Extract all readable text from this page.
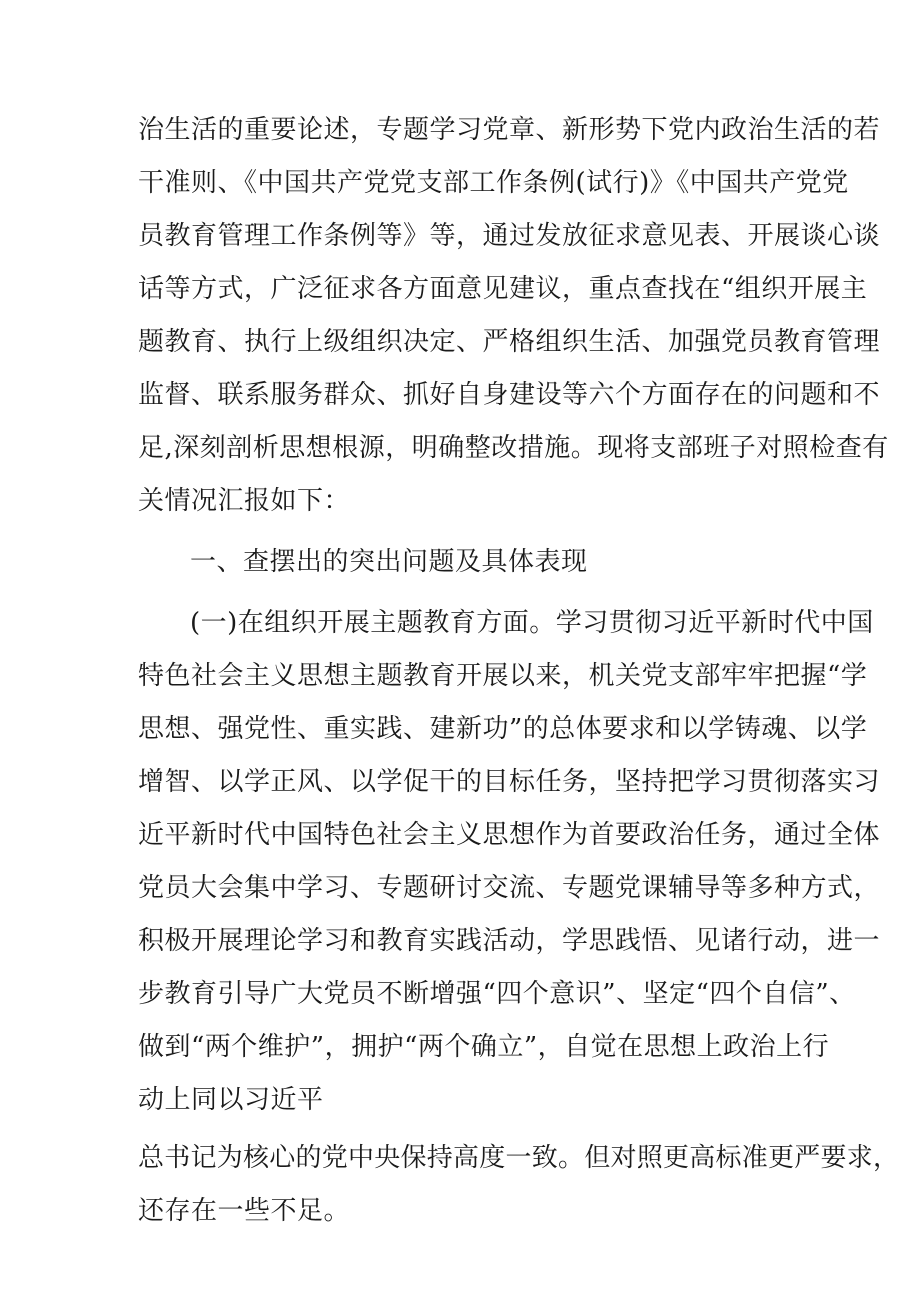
治生活的重要论述，专题学习党章、新形势下党内政治生活的若
干准则、《中国共产党党支部工作条例(试行)》《中国共产党党
员教育管理工作条例等》等，通过发放征求意见表、开展谈心谈
话等方式，广泛征求各方面意见建议，重点查找在“组织开展主
题教育、执行上级组织决定、严格组织生活、加强党员教育管理
监督、联系服务群众、抓好自身建设等六个方面存在的问题和不
足,深刻剖析思想根源，明确整改措施。现将支部班子对照检查有
关情况汇报如下：
一、查摆出的突出问题及具体表现
(一)在组织开展主题教育方面。学习贯彻习近平新时代中国
特色社会主义思想主题教育开展以来，机关党支部牢牢把握“学
思想、强党性、重实践、建新功”的总体要求和以学铸魂、以学
增智、以学正风、以学促干的目标任务，坚持把学习贯彻落实习
近平新时代中国特色社会主义思想作为首要政治任务，通过全体
党员大会集中学习、专题研讨交流、专题党课辅导等多种方式，
积极开展理论学习和教育实践活动，学思践悟、见诸行动，进一
步教育引导广大党员不断增强“四个意识”、坚定“四个自信”、
做到“两个维护”，拥护“两个确立”，自觉在思想上政治上行
动上同以习近平
总书记为核心的党中央保持高度一致。但对照更高标准更严要求，
还存在一些不足。
